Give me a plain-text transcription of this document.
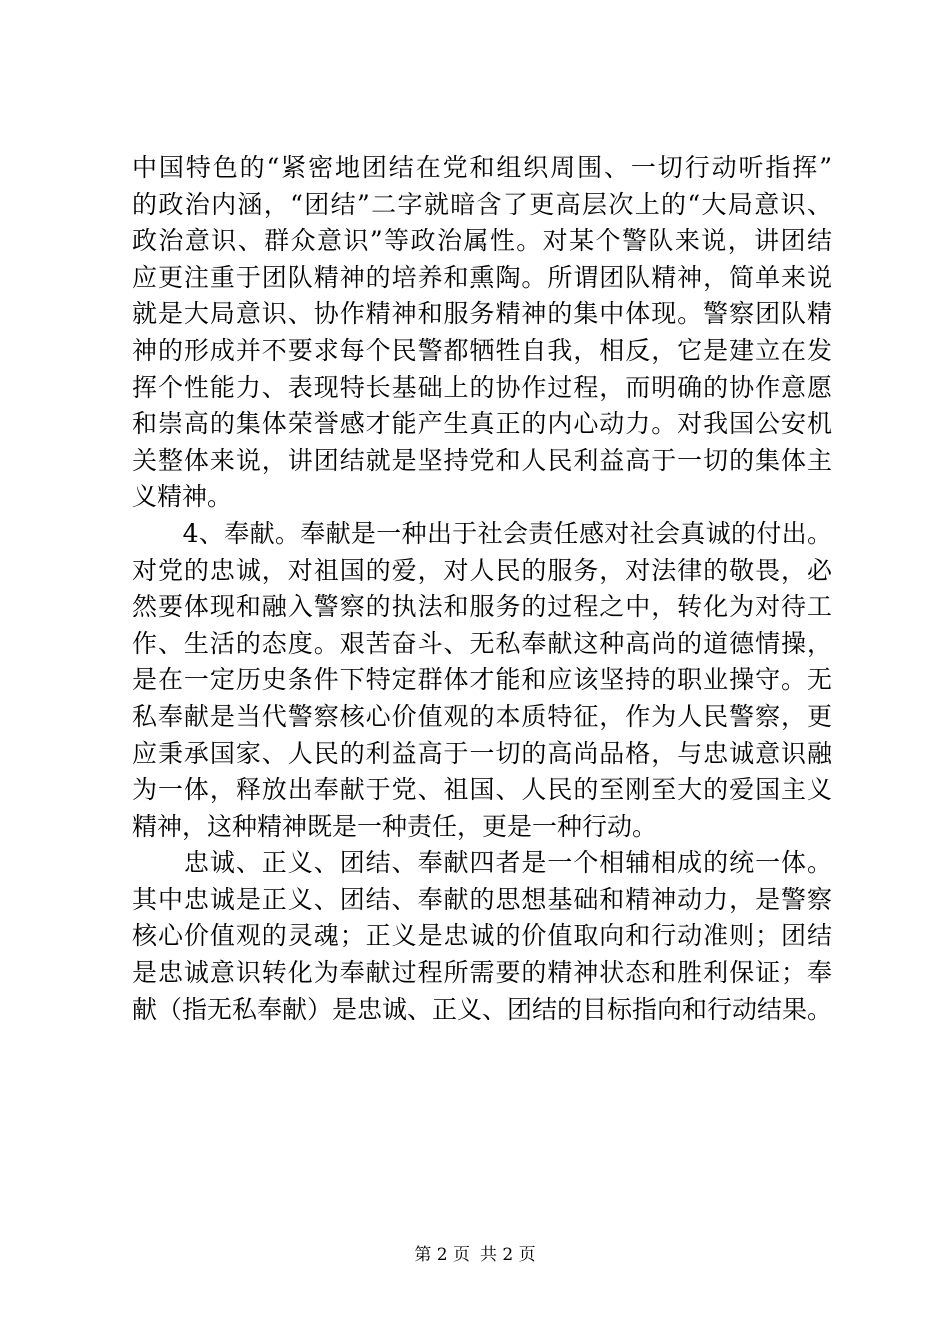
中国特色的“紧密地团结在党和组织周围、一切行动听指挥”
的政治内涵，“团结”二字就暗含了更高层次上的“大局意识、
政治意识、群众意识”等政治属性。对某个警队来说，讲团结
应更注重于团队精神的培养和熏陶。所谓团队精神，简单来说
就是大局意识、协作精神和服务精神的集中体现。警察团队精
神的形成并不要求每个民警都牺牲自我，相反，它是建立在发
挥个性能力、表现特长基础上的协作过程，而明确的协作意愿
和崇高的集体荣誉感才能产生真正的内心动力。对我国公安机
关整体来说，讲团结就是坚持党和人民利益高于一切的集体主
义精神。
　　4、奉献。奉献是一种出于社会责任感对社会真诚的付出。
对党的忠诚，对祖国的爱，对人民的服务，对法律的敬畏，必
然要体现和融入警察的执法和服务的过程之中，转化为对待工
作、生活的态度。艰苦奋斗、无私奉献这种高尚的道德情操，
是在一定历史条件下特定群体才能和应该坚持的职业操守。无
私奉献是当代警察核心价值观的本质特征，作为人民警察，更
应秉承国家、人民的利益高于一切的高尚品格，与忠诚意识融
为一体，释放出奉献于党、祖国、人民的至刚至大的爱国主义
精神，这种精神既是一种责任，更是一种行动。
　　忠诚、正义、团结、奉献四者是一个相辅相成的统一体。
其中忠诚是正义、团结、奉献的思想基础和精神动力，是警察
核心价值观的灵魂；正义是忠诚的价值取向和行动准则；团结
是忠诚意识转化为奉献过程所需要的精神状态和胜利保证；奉
献（指无私奉献）是忠诚、正义、团结的目标指向和行动结果。
第 2 页 共 2 页
